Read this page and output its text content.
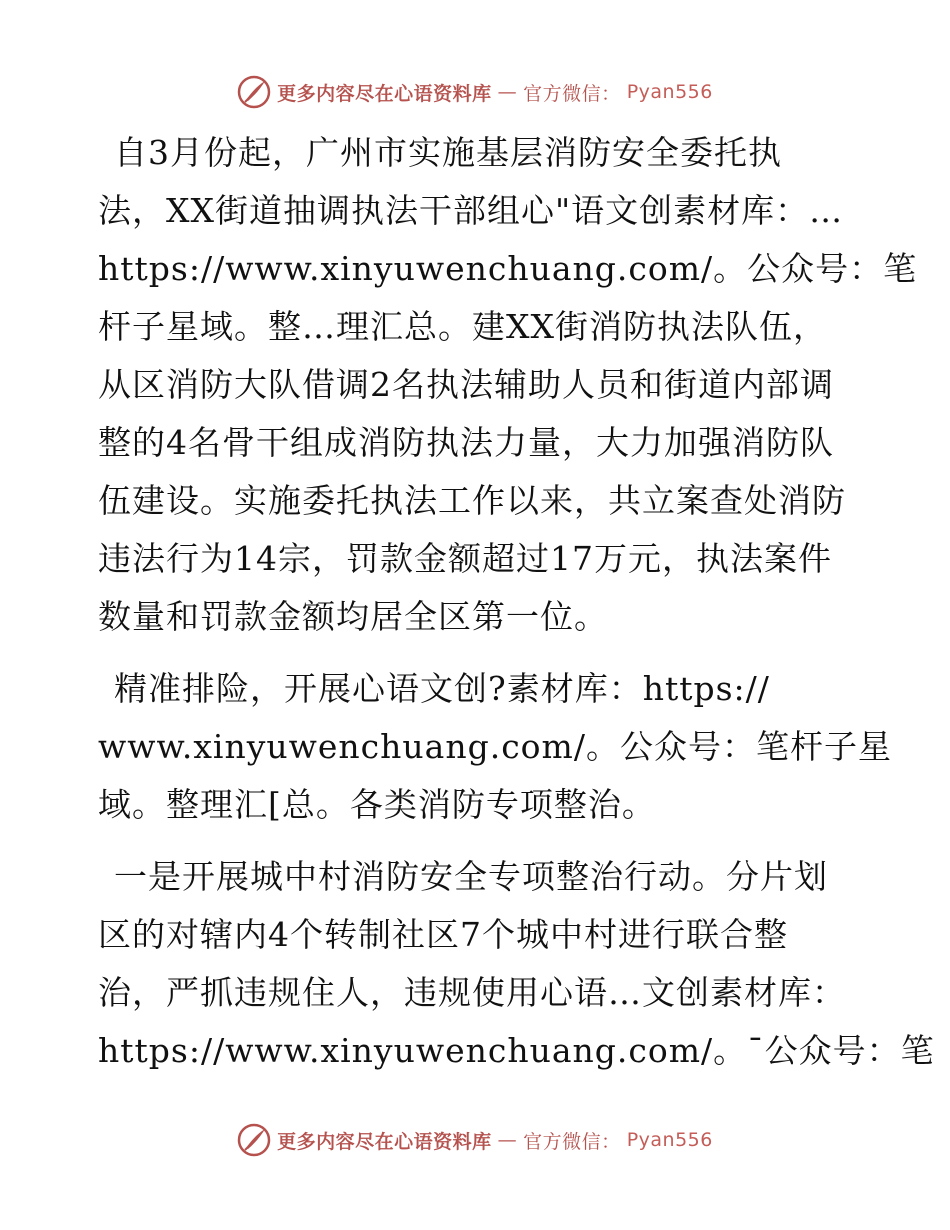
更多内容尽在心语资料库 — 官方微信： Pyan556
自3月份起，广州市实施基层消防安全委托执
法，XX街道抽调执法干部组心"语文创素材库：…
https://www.xinyuwenchuang.com/。公众号：笔
杆子星域。整…理汇总。建XX街消防执法队伍，
从区消防大队借调2名执法辅助人员和街道内部调
整的4名骨干组成消防执法力量，大力加强消防队
伍建设。实施委托执法工作以来，共立案查处消防
违法行为14宗，罚款金额超过17万元，执法案件
数量和罚款金额均居全区第一位。
精准排险，开展心语文创?素材库：https://
www.xinyuwenchuang.com/。公众号：笔杆子星
域。整理汇[总。各类消防专项整治。
一是开展城中村消防安全专项整治行动。分片划
区的对辖内4个转制社区7个城中村进行联合整
治，严抓违规住人，违规使用心语…文创素材库：
https://www.xinyuwenchuang.com/。¯公众号：笔
更多内容尽在心语资料库 — 官方微信： Pyan556
